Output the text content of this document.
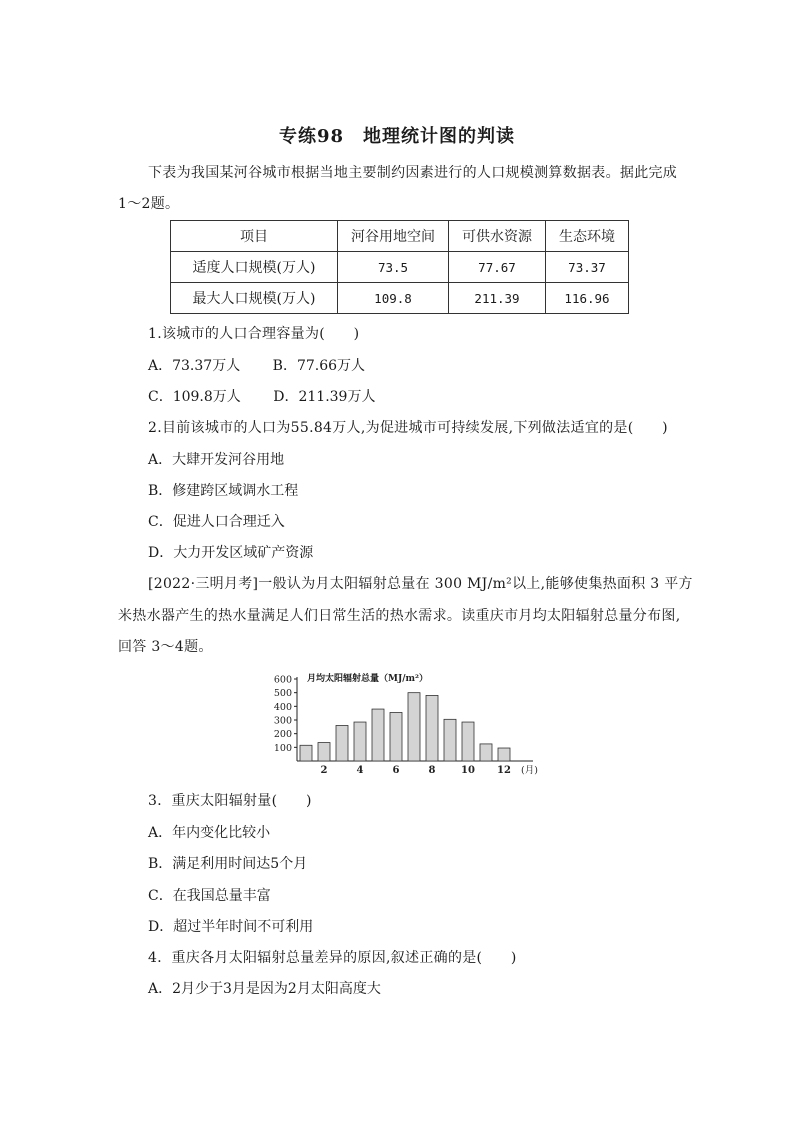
专练98　地理统计图的判读
下表为我国某河谷城市根据当地主要制约因素进行的人口规模测算数据表。据此完成
1～2题。
项目	河谷用地空间	可供水资源	生态环境
适度人口规模(万人)	73.5	77.67	73.37
最大人口规模(万人)	109.8	211.39	116.96
1.该城市的人口合理容量为(　　)
A．73.37万人 B．77.66万人
C．109.8万人 D．211.39万人
2.目前该城市的人口为55.84万人,为促进城市可持续发展,下列做法适宜的是(　　)
A．大肆开发河谷用地
B．修建跨区域调水工程
C．促进人口合理迁入
D．大力开发区域矿产资源
[2022·三明月考]一般认为月太阳辐射总量在 300 MJ/m²以上,能够使集热面积 3 平方
米热水器产生的热水量满足人们日常生活的热水需求。读重庆市月均太阳辐射总量分布图,
回答 3～4题。
100
200
300
400
500
600
2	4	6	8	10 12 (月)
月均太阳辐射总量（MJ/m²）
3．重庆太阳辐射量(　　)
A．年内变化比较小
B．满足利用时间达5个月
C．在我国总量丰富
D．超过半年时间不可利用
4．重庆各月太阳辐射总量差异的原因,叙述正确的是(　　)
A．2月少于3月是因为2月太阳高度大
